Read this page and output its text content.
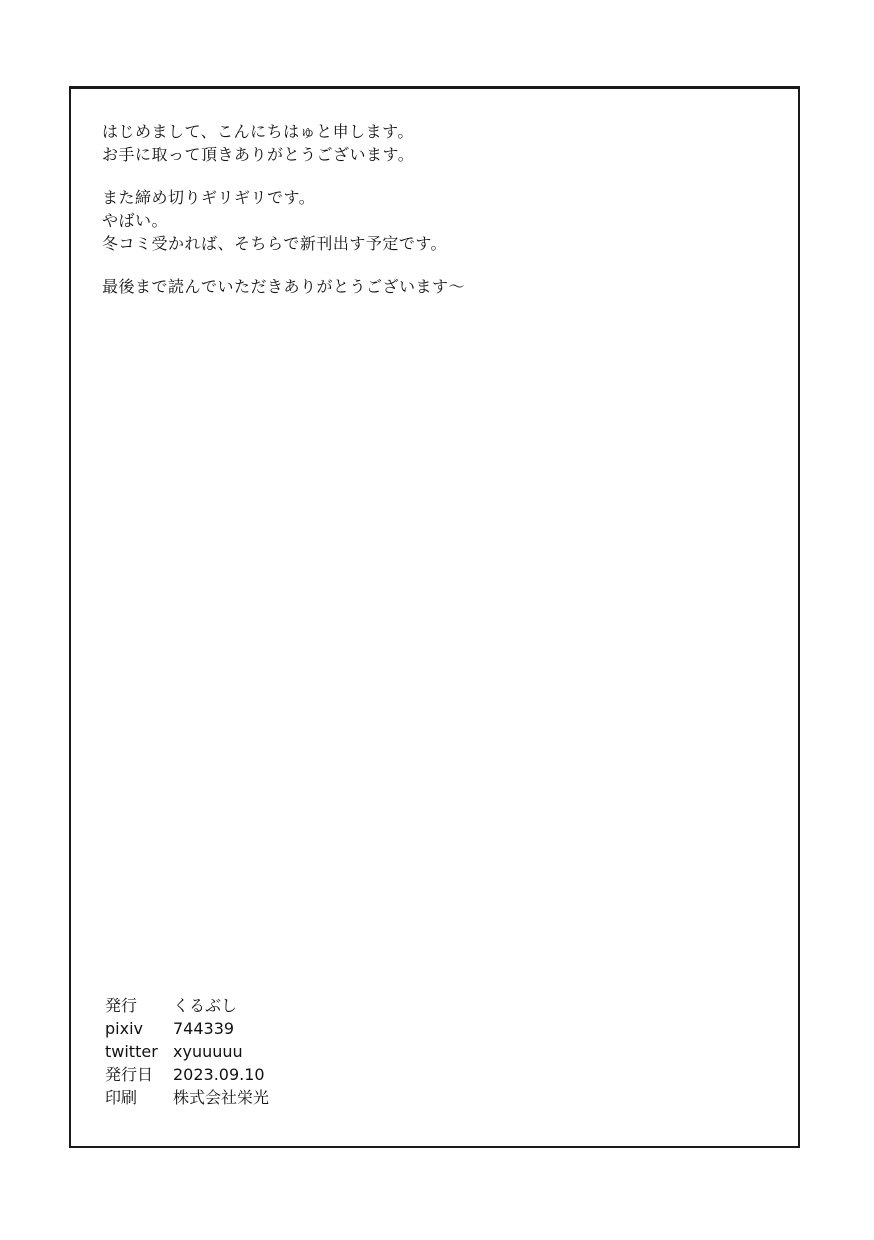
はじめまして、こんにちはゅと申します。
お手に取って頂きありがとうございます。
また締め切りギリギリです。
やばい。
冬コミ受かれば、そちらで新刊出す予定です。
最後まで読んでいただきありがとうございます〜
発行	くるぶし
pixiv	744339
twitter xyuuuuu
発行日	2023.09.10
印刷	株式会社栄光
